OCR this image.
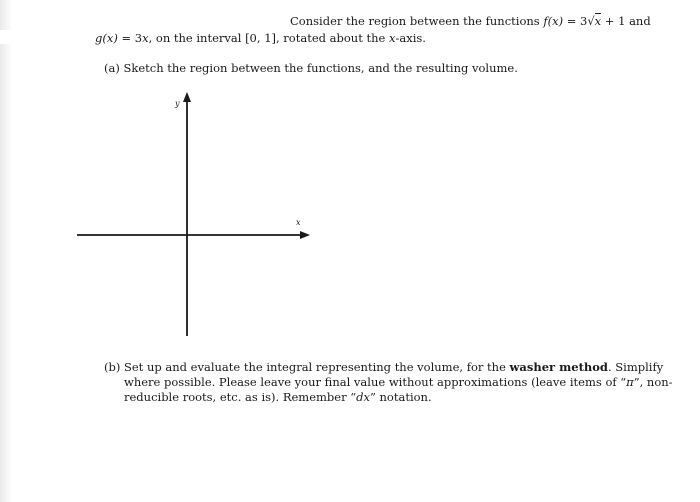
Consider the region between the functions f(x) = 3√x + 1 and
g(x) = 3x, on the interval [0, 1], rotated about the x-axis.
(a) Sketch the region between the functions, and the resulting volume.
y
x
(b) Set up and evaluate the integral representing the volume, for the washer method. Simplify
where possible. Please leave your final value without approximations (leave items of “π”, non-
reducible roots, etc. as is). Remember “dx” notation.
